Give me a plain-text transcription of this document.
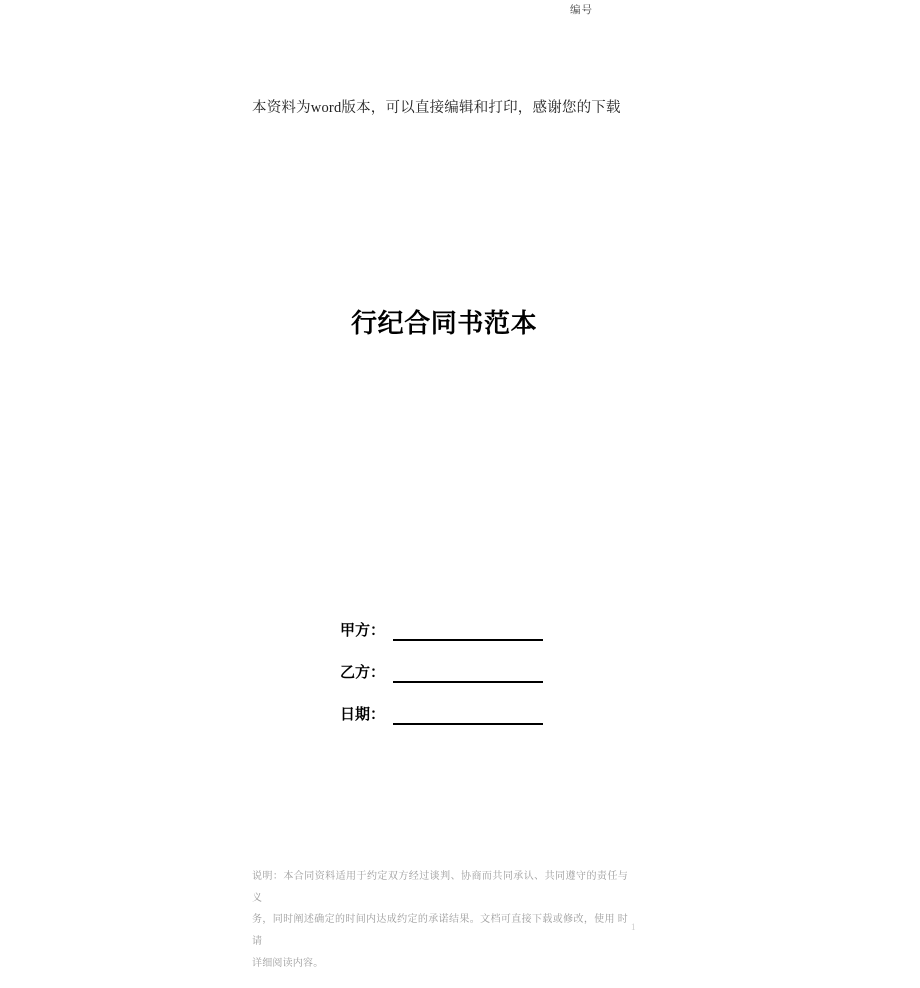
编号

本资料为word版本，可以直接编辑和打印，感谢您的下载

行纪合同书范本
甲方：
乙方：
日期：
说明：本合同资料适用于约定双方经过谈判、协商而共同承认、共同遵守的责任与 义
务，同时阐述确定的时间内达成约定的承诺结果。文档可直接下载或修改，使用 时请
详细阅读内容。
1
